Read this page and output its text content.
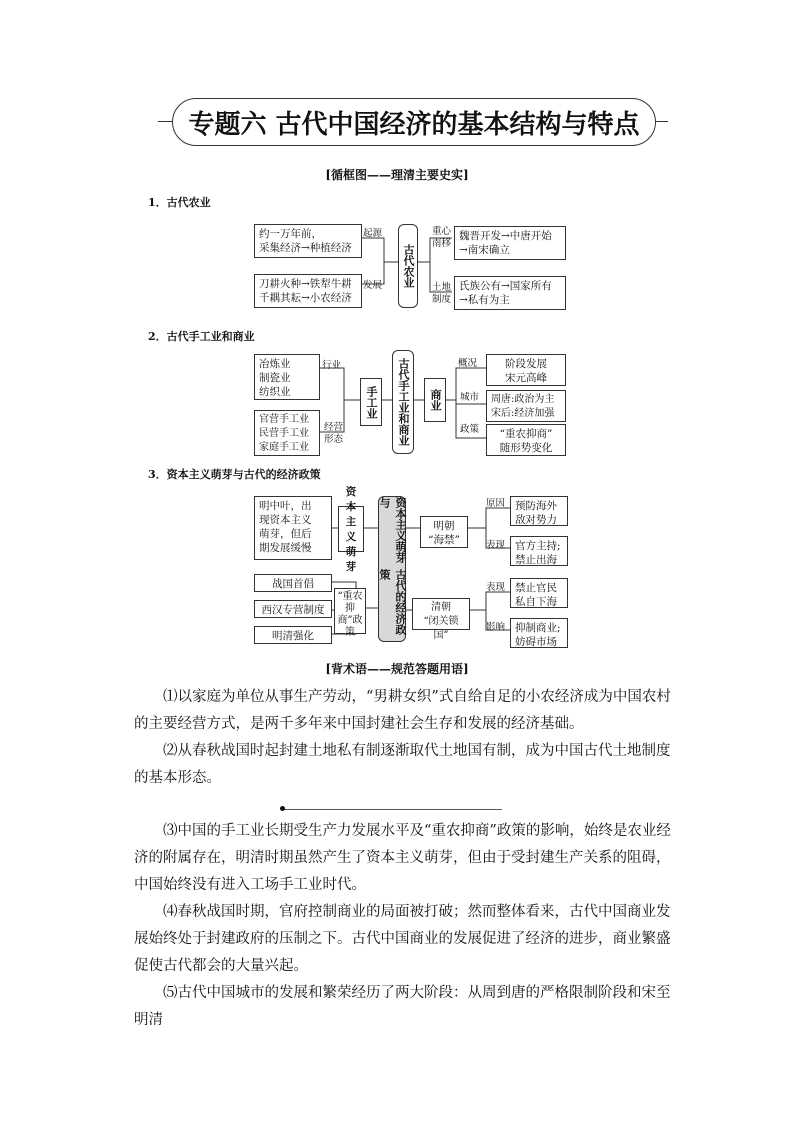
专题六 古代中国经济的基本结构与特点
[循框图——理清主要史实]
1．古代农业
约一万年前，
采集经济→种植经济
刀耕火种→铁犁牛耕
千耦其耘→小农经济
起源
发展	古代农业
重心
南移
土地
制度
魏晋开发→中唐开始
→南宋确立
氏族公有→国家所有
→私有为主
2．古代手工业和商业
冶炼业
制瓷业
纺织业
官营手工业
民营手工业
家庭手工业
行业
经营
形态
手工业	古代手工业和商业	商业
概况
城市
政策
阶段发展
宋元高峰
周唐:政治为主
宋后:经济加强
“重农抑商”
随形势变化
3．资本主义萌芽与古代的经济政策
明中叶，出
现资本主义
萌芽，但后
期发展缓慢
资本主义萌芽
战国首倡
西汉专营制度
明清强化
“重农抑商”政策	古代的经济政策
资本主义萌芽与
明朝
“海禁”
清朝
“闭关锁国”
原因
表现
表现
影响
预防海外
敌对势力
官方主持;
禁止出海
禁止官民
私自下海
抑制商业;
妨碍市场
[背术语——规范答题用语]
⑴以家庭为单位从事生产劳动，“男耕女织”式自给自足的小农经济成为中国农村的主要经营方式，是两千多年来中国封建社会生存和发展的经济基础。
⑵从春秋战国时起封建土地私有制逐渐取代土地国有制，成为中国古代土地制度的基本形态。
⑶中国的手工业长期受生产力发展水平及“重农抑商”政策的影响，始终是农业经济的附属存在，明清时期虽然产生了资本主义萌芽，但由于受封建生产关系的阻碍，中国始终没有进入工场手工业时代。
⑷春秋战国时期，官府控制商业的局面被打破；然而整体看来，古代中国商业发展始终处于封建政府的压制之下。古代中国商业的发展促进了经济的进步，商业繁盛促使古代都会的大量兴起。
⑸古代中国城市的发展和繁荣经历了两大阶段：从周到唐的严格限制阶段和宋至明清
